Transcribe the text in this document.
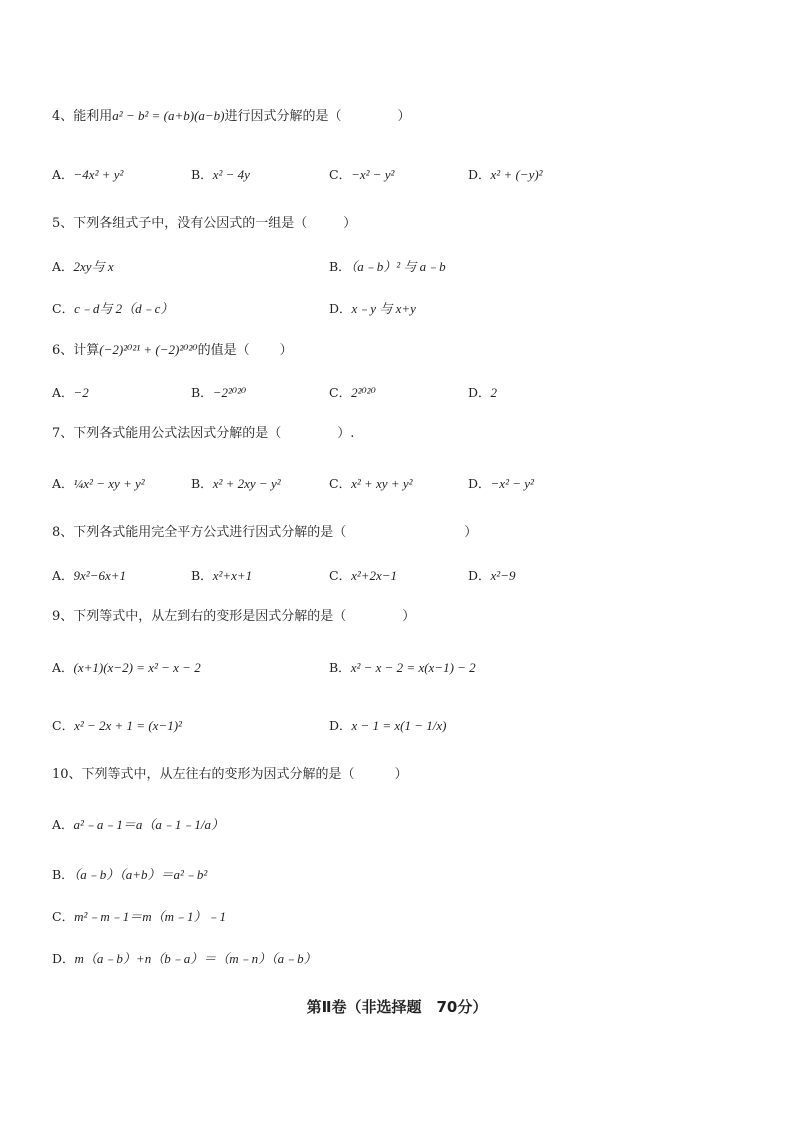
4、能利用a² − b² = (a+b)(a−b)进行因式分解的是（	）
A．−4x² + y²	B．x² − 4y	C．−x² − y²	D．x² + (−y)²
5、下列各组式子中，没有公因式的一组是（	）
A．2xy与 x	B．（a﹣b）² 与 a﹣b
C．c﹣d与 2（d﹣c）	D．x﹣y 与 x+y
6、计算(−2)²⁰²¹ + (−2)²⁰²⁰的值是（ ）
A．−2	B．−2²⁰²⁰	C．2²⁰²⁰	D．2
7、下列各式能用公式法因式分解的是（	）.
A．¼x² − xy + y²	B．x² + 2xy − y²	C．x² + xy + y²	D．−x² − y²
8、下列各式能用完全平方公式进行因式分解的是（	）
A．9x²−6x+1	B．x²+x+1	C．x²+2x−1	D．x²−9
9、下列等式中，从左到右的变形是因式分解的是（	）
A．(x+1)(x−2) = x² − x − 2	B．x² − x − 2 = x(x−1) − 2
C．x² − 2x + 1 = (x−1)²	D．x − 1 = x(1 − 1/x)
10、下列等式中，从左往右的变形为因式分解的是（	）
A．a²﹣a﹣1＝a（a﹣1﹣1/a）
B．（a﹣b）（a+b）＝a²﹣b²
C．m²﹣m﹣1＝m（m﹣1）﹣1
D．m（a﹣b）+n（b﹣a）＝（m﹣n）（a﹣b）
第Ⅱ卷（非选择题　70分）
